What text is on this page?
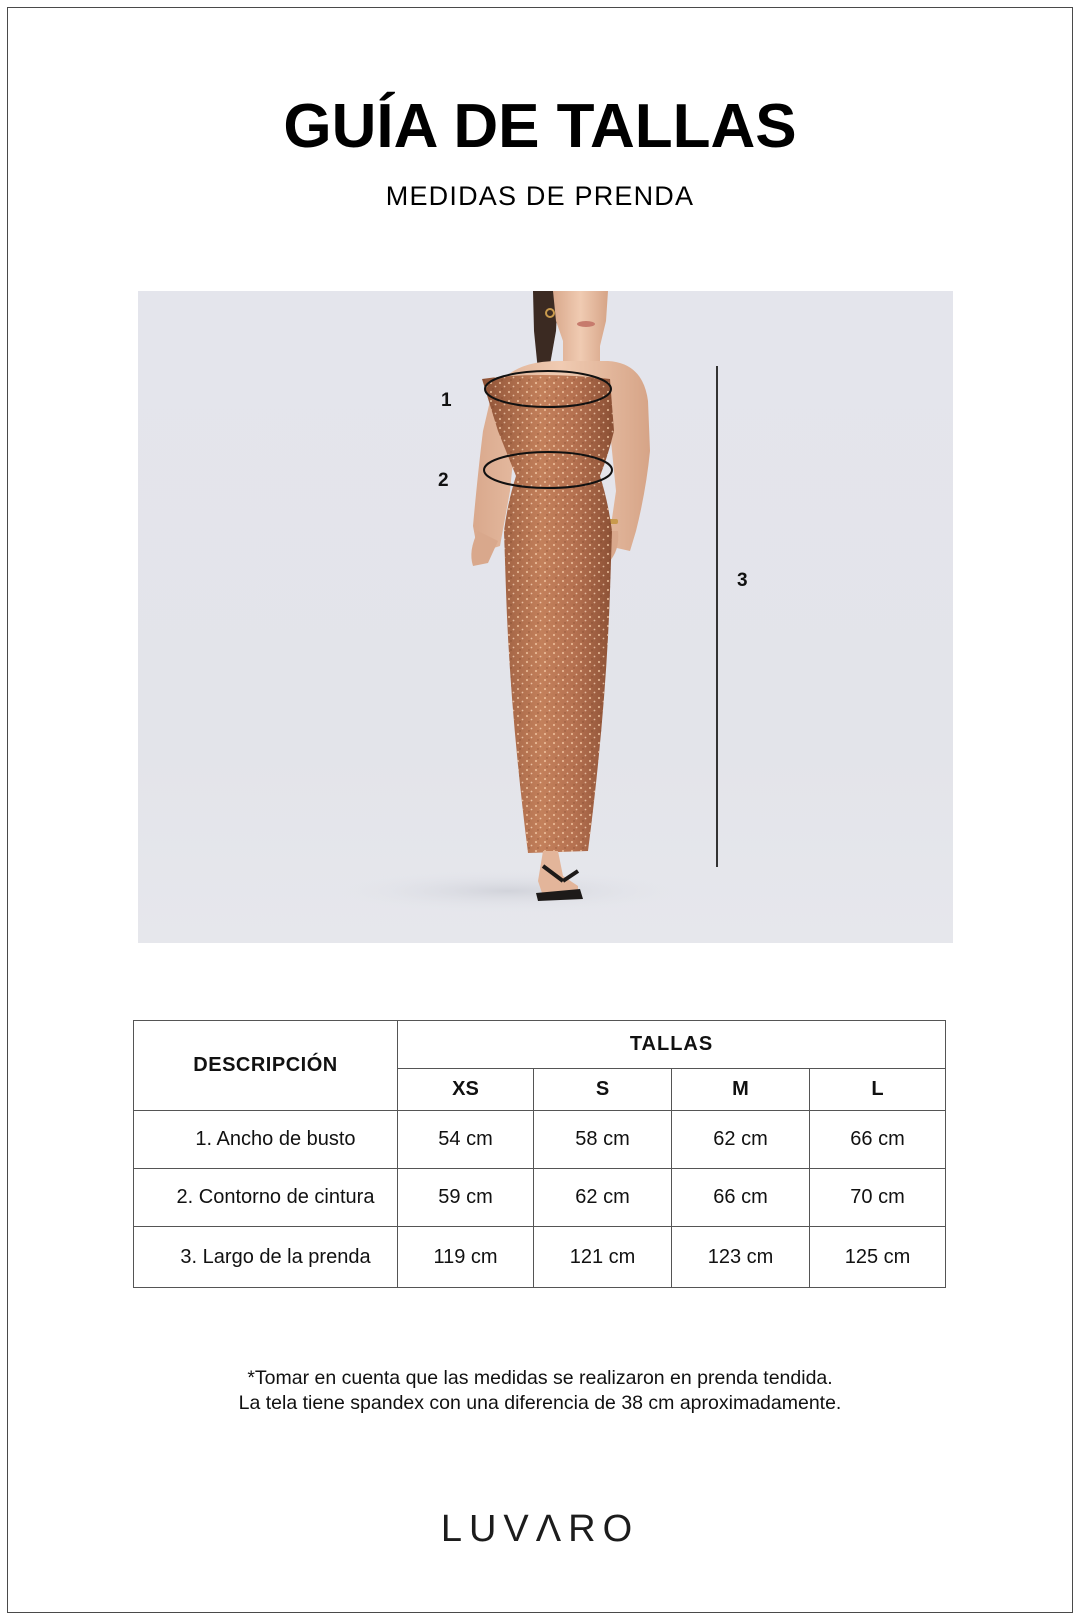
GUÍA DE TALLAS
MEDIDAS DE PRENDA
1
2
3
DESCRIPCIÓN	TALLAS			
	XS	S	M	L
1. Ancho de busto	54 cm	58 cm	62 cm	66 cm
2. Contorno de cintura	59 cm	62 cm	66 cm	70 cm
3. Largo de la prenda	119 cm	121 cm	123 cm	125 cm
*Tomar en cuenta que las medidas se realizaron en prenda tendida.
La tela tiene spandex con una diferencia de 38 cm aproximadamente.
LUVΛRO
